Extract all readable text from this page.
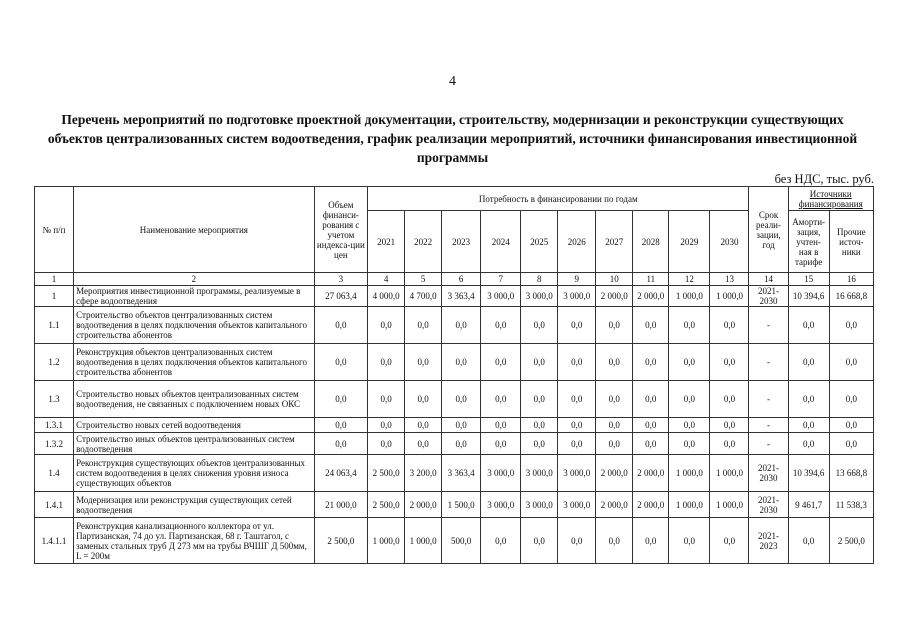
4
Перечень мероприятий по подготовке проектной документации, строительству, модернизации и реконструкции существующих объектов централизованных систем водоотведения, график реализации мероприятий, источники финансирования инвестиционной программы
без НДС, тыс. руб.
№ п/п	Наименование мероприятия	Объем финанси-рования с учетом индекса-ции цен	Потребность в финансировании по годам										Срок реали-зации, год	Источники финансирования	
			2021	2022	2023	2024	2025	2026	2027	2028	2029	2030		Аморти-зация, учтен-ная в тарифе	Прочие источ-ники
1	2	3	4	5	6	7	8	9	10	11	12	13	14	15	16
1	Мероприятия инвестиционной программы, реализуемые в сфере водоотведения	27 063,4	4 000,0	4 700,0	3 363,4	3 000,0	3 000,0	3 000,0	2 000,0	2 000,0	1 000,0	1 000,0	2021-2030	10 394,6	16 668,8
1.1	Строительство объектов централизованных систем водоотведения в целях подключения объектов капитального строительства абонентов	0,0	0,0	0,0	0,0	0,0	0,0	0,0	0,0	0,0	0,0	0,0	-	0,0	0,0
1.2	Реконструкция объектов централизованных систем водоотведения в целях подключения объектов капитального строительства абонентов	0,0	0,0	0,0	0,0	0,0	0,0	0,0	0,0	0,0	0,0	0,0	-	0,0	0,0
1.3	Строительство новых объектов централизованных систем водоотведения, не связанных с подключением новых ОКС	0,0	0,0	0,0	0,0	0,0	0,0	0,0	0,0	0,0	0,0	0,0	-	0,0	0,0
1.3.1	Строительство новых сетей водоотведения	0,0	0,0	0,0	0,0	0,0	0,0	0,0	0,0	0,0	0,0	0,0	-	0,0	0,0
1.3.2	Строительство иных объектов централизованных систем водоотведения	0,0	0,0	0,0	0,0	0,0	0,0	0,0	0,0	0,0	0,0	0,0	-	0,0	0,0
1.4	Реконструкция существующих объектов централизованных систем водоотведения в целях снижения уровня износа существующих объектов	24 063,4	2 500,0	3 200,0	3 363,4	3 000,0	3 000,0	3 000,0	2 000,0	2 000,0	1 000,0	1 000,0	2021-2030	10 394,6	13 668,8
1.4.1	Модернизация или реконструкция существующих сетей водоотведения	21 000,0	2 500,0	2 000,0	1 500,0	3 000,0	3 000,0	3 000,0	2 000,0	2 000,0	1 000,0	1 000,0	2021-2030	9 461,7	11 538,3
1.4.1.1	Реконструкция канализационного коллектора от ул. Партизанская, 74 до ул. Партизанская, 68 г. Таштагол, с заменых стальных труб Д 273 мм на трубы ВЧШГ Д 500мм, L = 200м	2 500,0	1 000,0	1 000,0	500,0	0,0	0,0	0,0	0,0	0,0	0,0	0,0	2021-2023	0,0	2 500,0
